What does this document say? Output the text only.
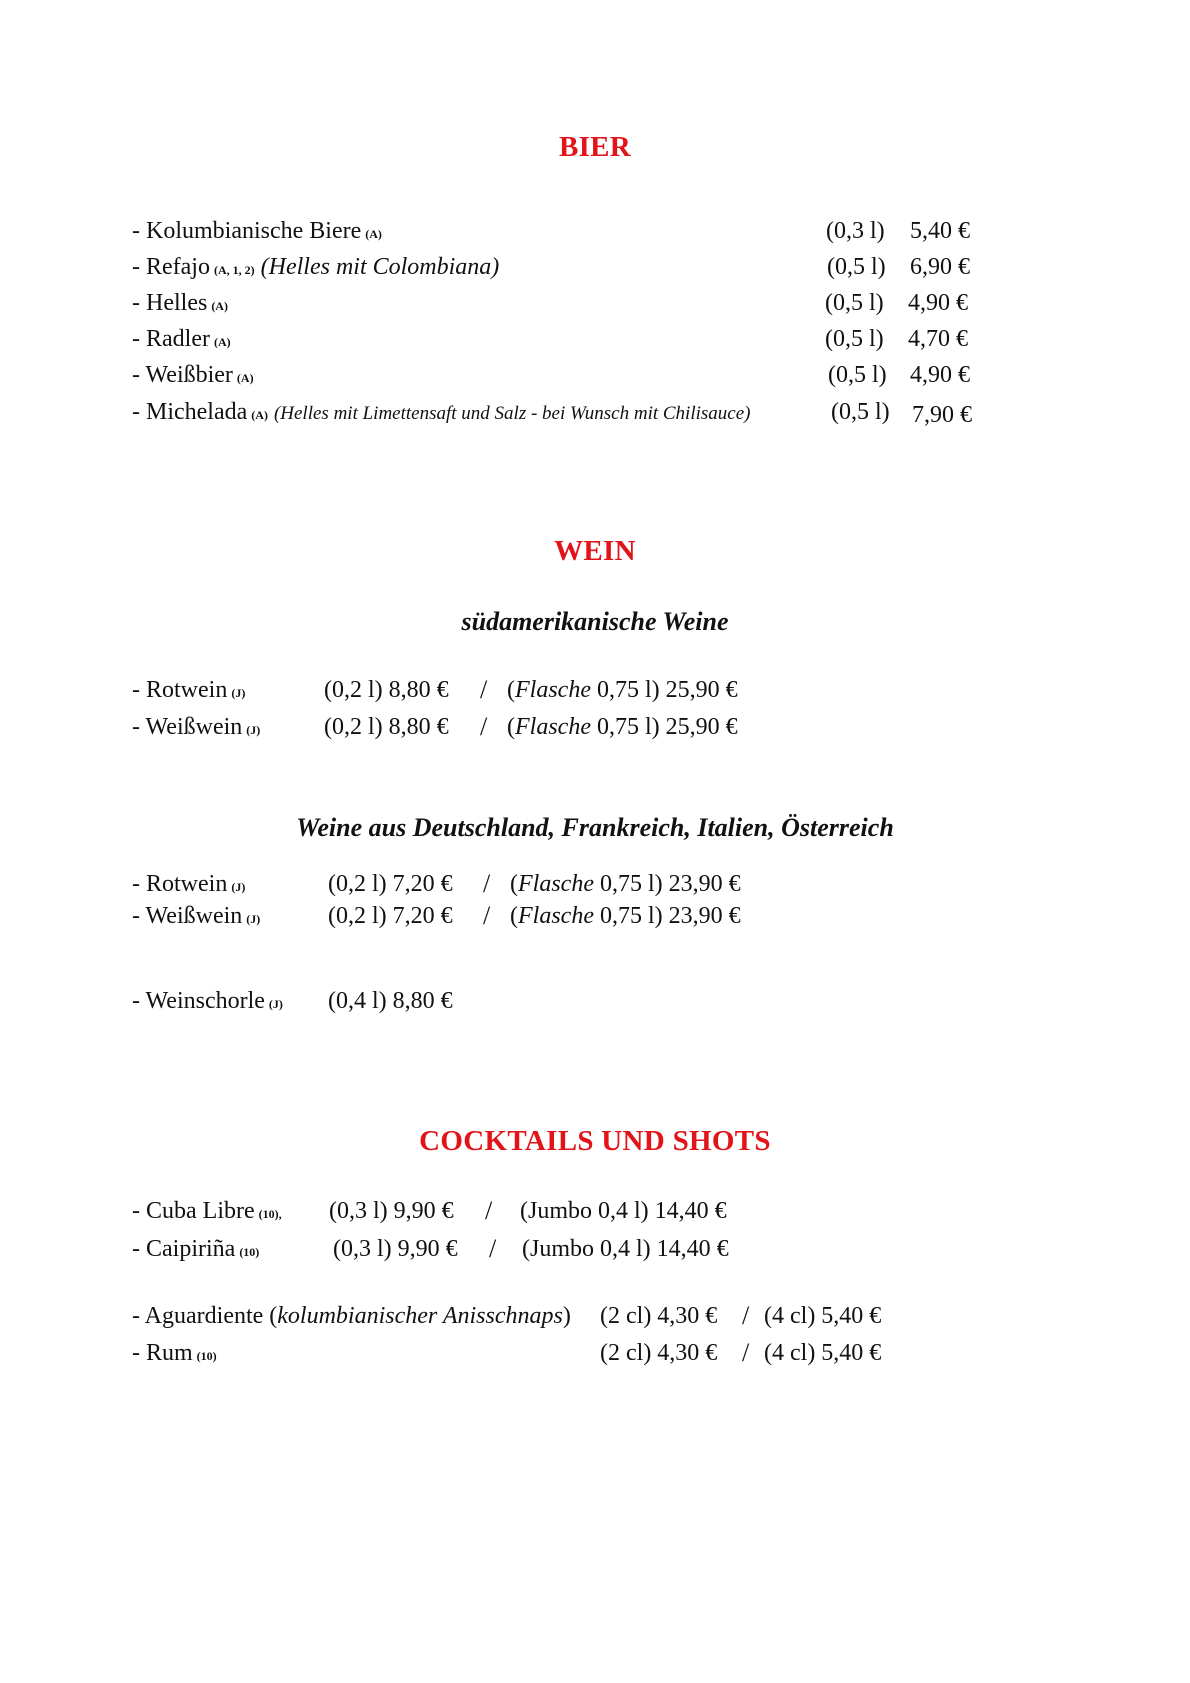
BIER
- Kolumbianische Biere (A)	(0,3 l) 5,40 €
- Refajo (A, 1, 2) (Helles mit Colombiana)	(0,5 l) 6,90 €
- Helles (A)	(0,5 l) 4,90 €
- Radler (A)	(0,5 l) 4,70 €
- Weißbier (A)	(0,5 l) 4,90 €
- Michelada (A) (Helles mit Limettensaft und Salz - bei Wunsch mit Chilisauce)	(0,5 l) 7,90 €
WEIN
südamerikanische Weine
- Rotwein (J)	(0,2 l) 8,80 € / (Flasche 0,75 l) 25,90 €
- Weißwein (J)	(0,2 l) 8,80 € / (Flasche 0,75 l) 25,90 €
Weine aus Deutschland, Frankreich, Italien, Österreich
- Rotwein (J)	(0,2 l) 7,20 € / (Flasche 0,75 l) 23,90 €
- Weißwein (J)	(0,2 l) 7,20 € / (Flasche 0,75 l) 23,90 €
- Weinschorle (J) (0,4 l) 8,80 €
COCKTAILS UND SHOTS
- Cuba Libre (10), (0,3 l) 9,90 € / (Jumbo 0,4 l) 14,40 €
- Caipiriña (10)	(0,3 l) 9,90 € / (Jumbo 0,4 l) 14,40 €
- Aguardiente (kolumbianischer Anisschnaps) (2 cl) 4,30 € / (4 cl) 5,40 €
- Rum (10)	(2 cl) 4,30 € / (4 cl) 5,40 €
